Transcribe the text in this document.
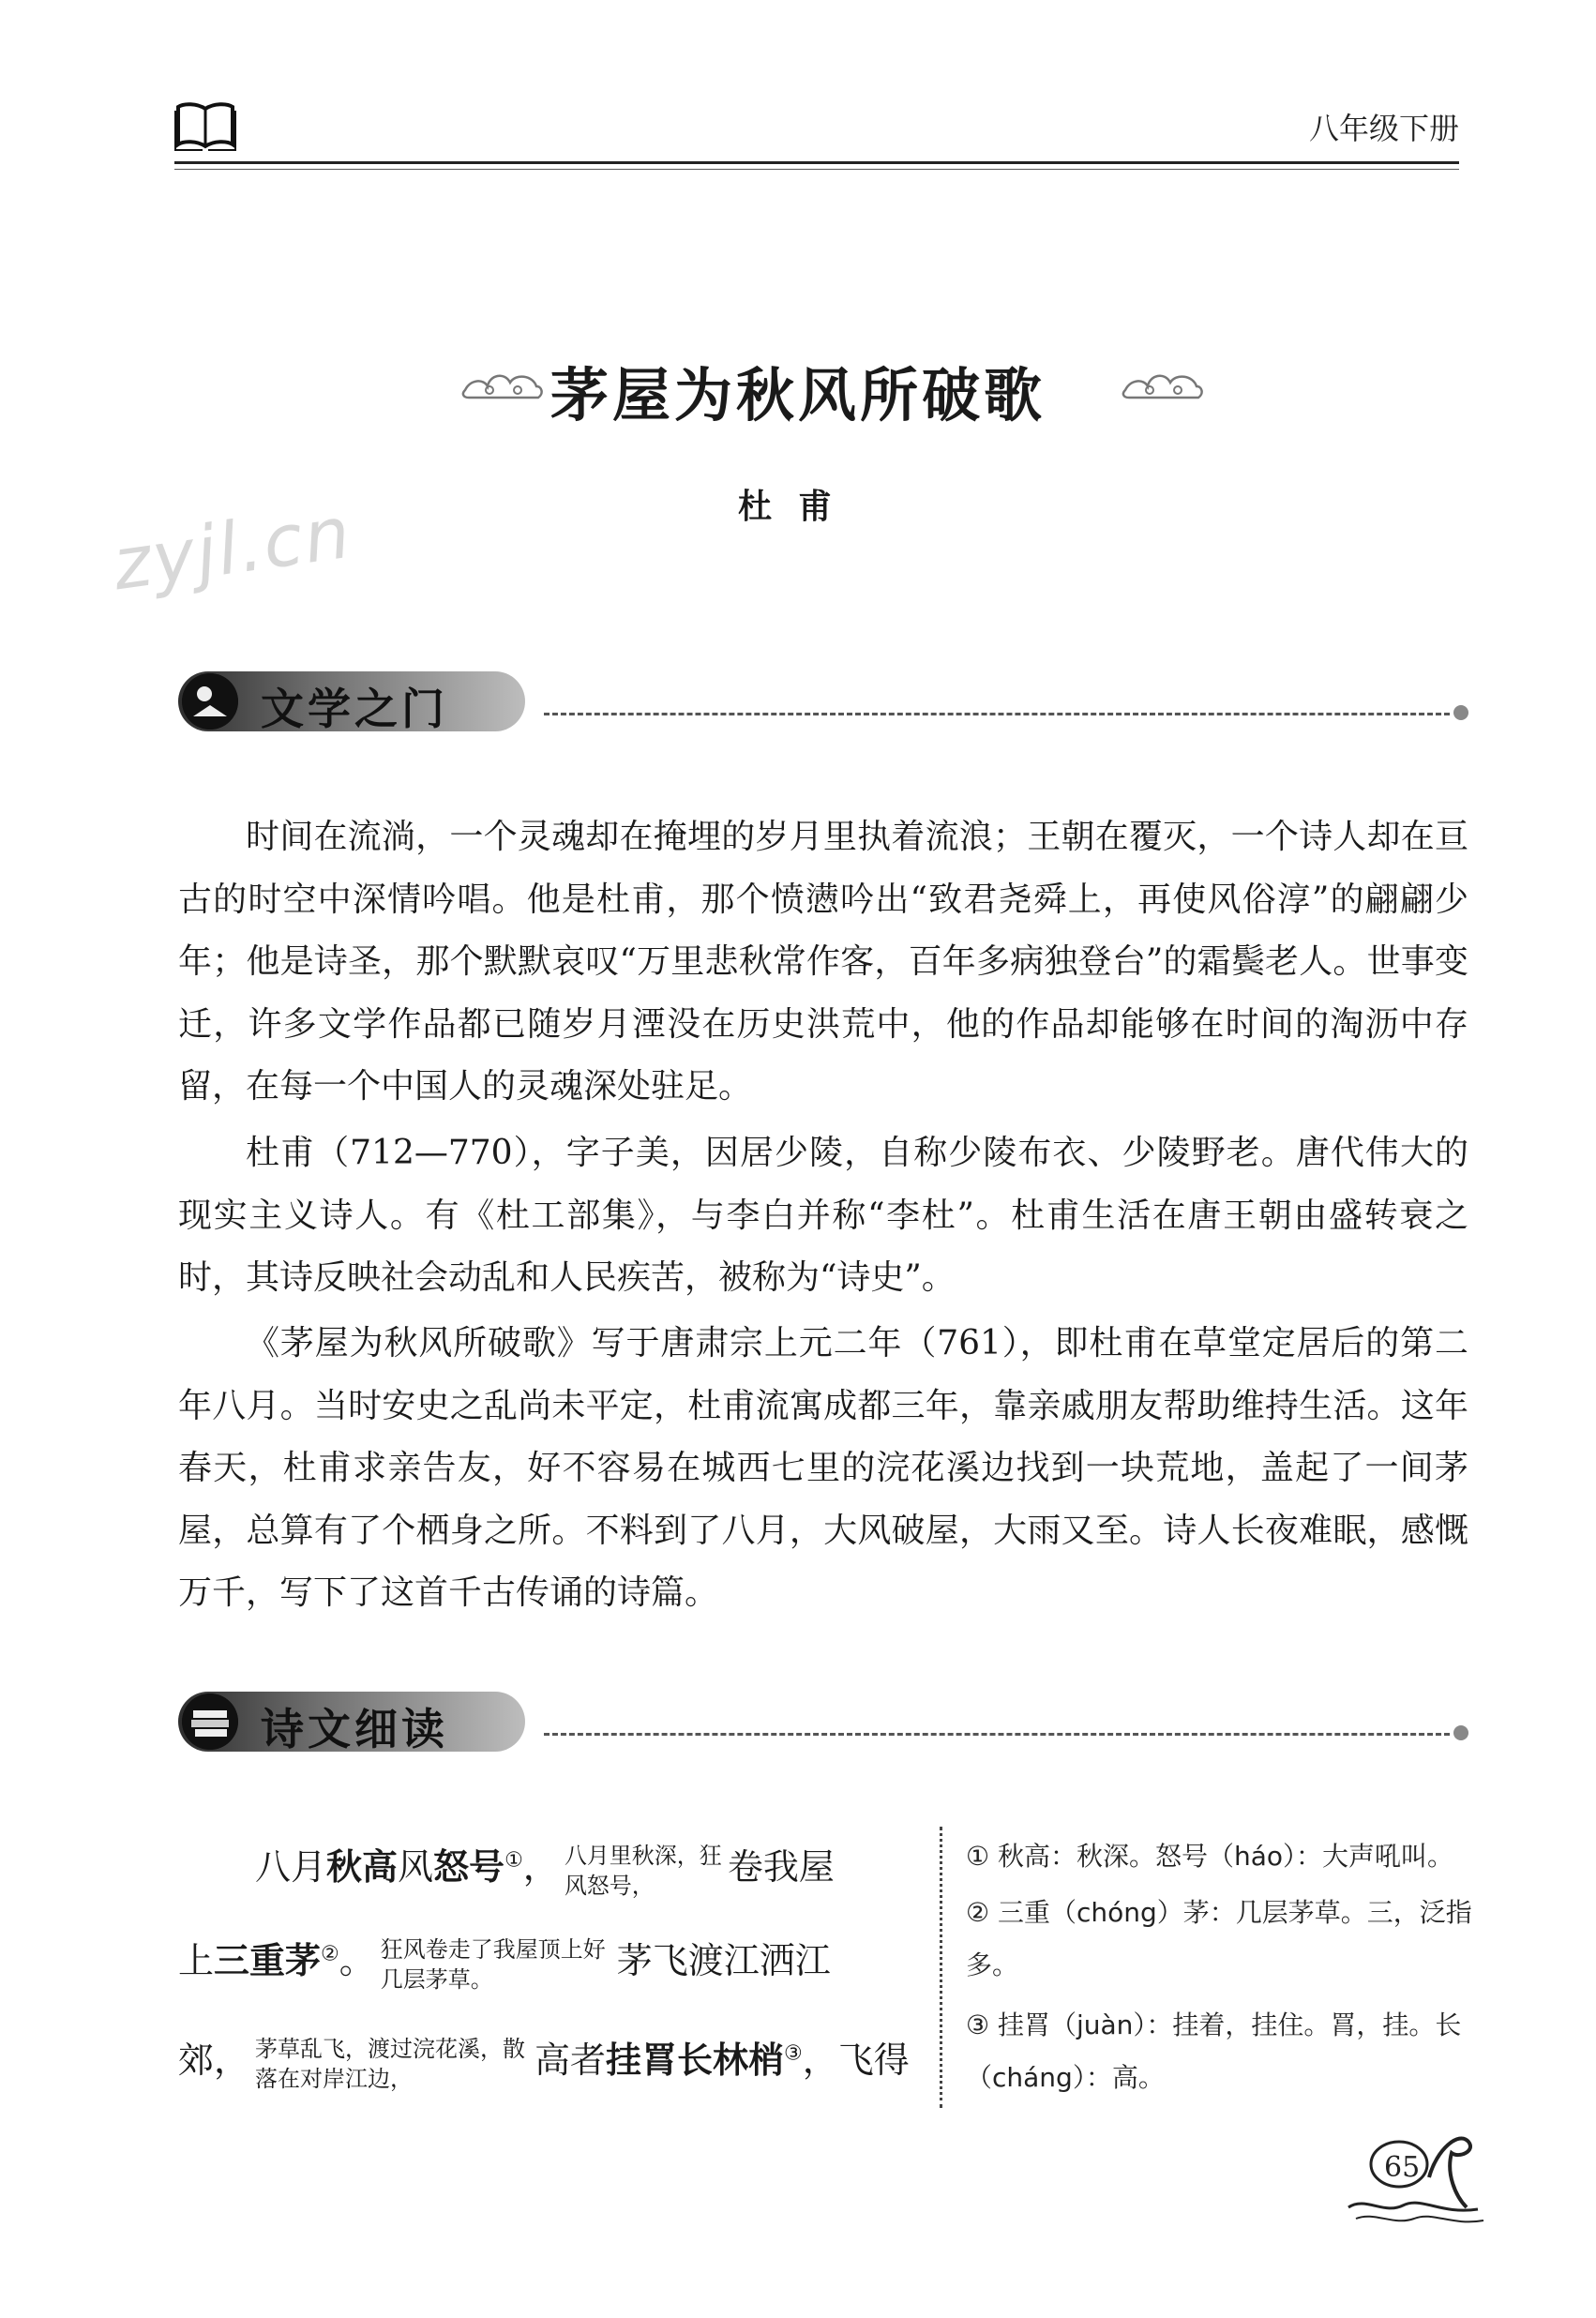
八年级下册
zyjl.cn
茅屋为秋风所破歌
杜甫
文学之门
时间在流淌，一个灵魂却在掩埋的岁月里执着流浪；王朝在覆灭，一个诗人却在亘古的时空中深情吟唱。他是杜甫，那个愤懑吟出“致君尧舜上，再使风俗淳”的翩翩少年；他是诗圣，那个默默哀叹“万里悲秋常作客，百年多病独登台”的霜鬓老人。世事变迁，许多文学作品都已随岁月湮没在历史洪荒中，他的作品却能够在时间的淘沥中存留，在每一个中国人的灵魂深处驻足。
杜甫（712—770），字子美，因居少陵，自称少陵布衣、少陵野老。唐代伟大的现实主义诗人。有《杜工部集》，与李白并称“李杜”。杜甫生活在唐王朝由盛转衰之时，其诗反映社会动乱和人民疾苦，被称为“诗史”。
《茅屋为秋风所破歌》写于唐肃宗上元二年（761），即杜甫在草堂定居后的第二年八月。当时安史之乱尚未平定，杜甫流寓成都三年，靠亲戚朋友帮助维持生活。这年春天，杜甫求亲告友，好不容易在城西七里的浣花溪边找到一块荒地，盖起了一间茅屋，总算有了个栖身之所。不料到了八月，大风破屋，大雨又至。诗人长夜难眠，感慨万千，写下了这首千古传诵的诗篇。
诗文细读
八月秋高风怒号①， 八月里秋深，狂风怒号， 卷我屋
上三重茅②。 狂风卷走了我屋顶上好几层茅草。	茅飞渡江洒江
郊， 茅草乱飞，渡过浣花溪，散落在对岸江边，	高者挂罥长林梢③，飞得
① 秋高：秋深。怒号（háo）：大声吼叫。
② 三重（chóng）茅：几层茅草。三，泛指多。
③ 挂罥（juàn）：挂着，挂住。罥，挂。长（cháng）：高。
65
